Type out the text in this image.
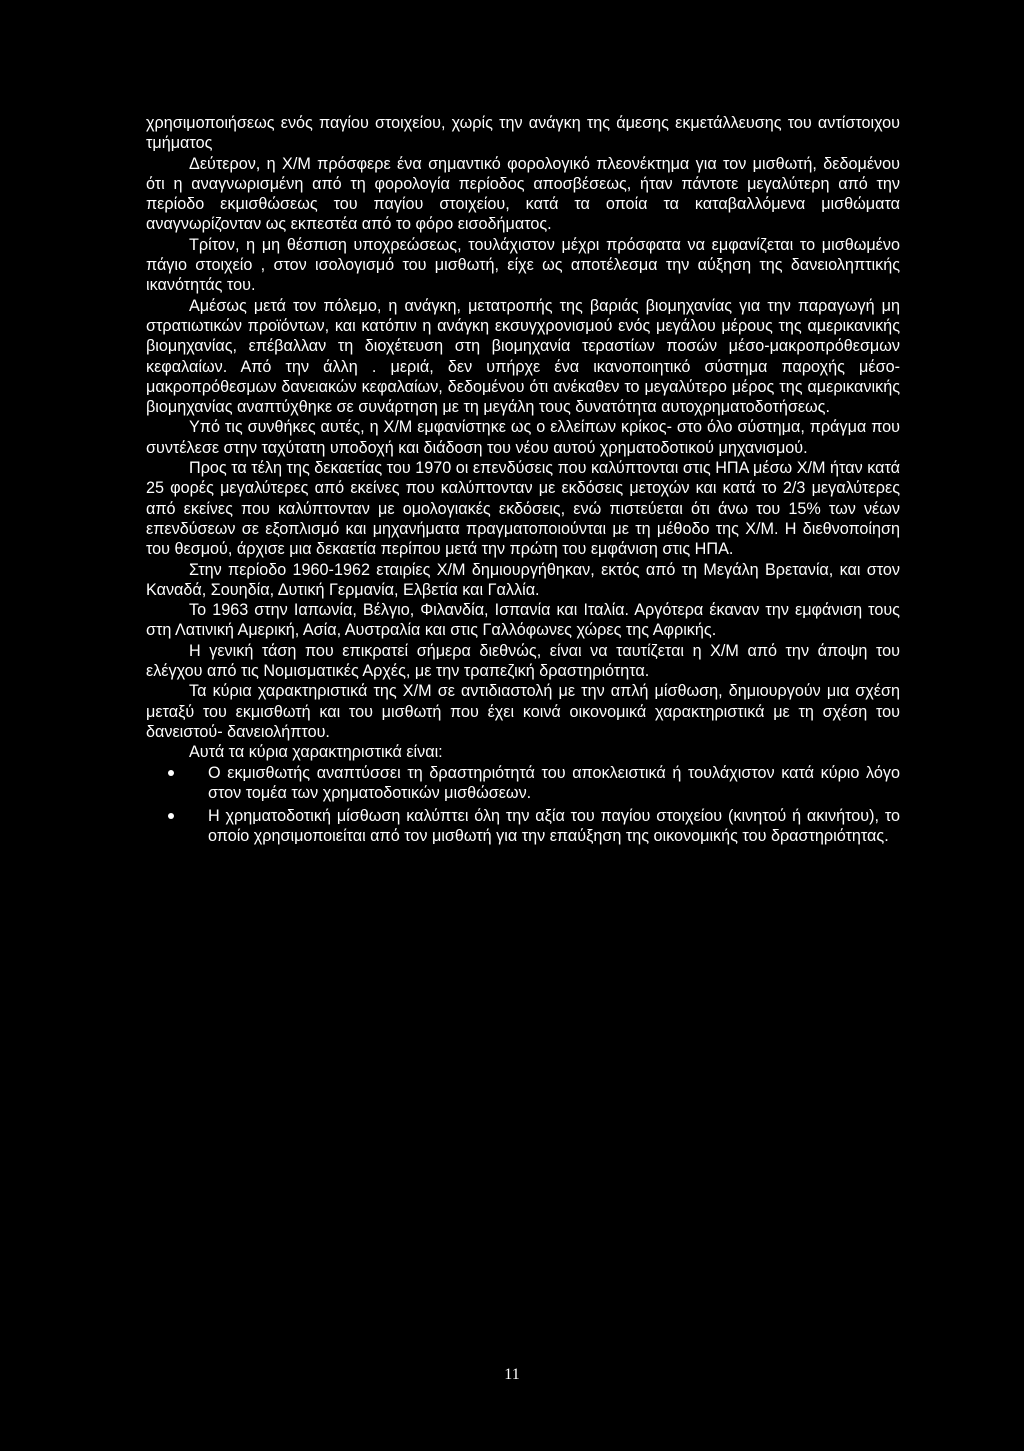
χρησιμοποιήσεως ενός παγίου στοιχείου, χωρίς την ανάγκη της άμεσης εκμετάλλευσης του αντίστοιχου τμήματος

Δεύτερον, η Χ/Μ πρόσφερε ένα σημαντικό φορολογικό πλεονέκτημα για τον μισθωτή, δεδομένου ότι η αναγνωρισμένη από τη φορολογία περίοδος αποσβέσεως, ήταν πάντοτε μεγαλύτερη από την περίοδο εκμισθώσεως του παγίου στοιχείου, κατά τα οποία τα καταβαλλόμενα μισθώματα αναγνωρίζονταν ως εκπεστέα από το φόρο εισοδήματος.

Τρίτον, η μη θέσπιση υποχρεώσεως, τουλάχιστον μέχρι πρόσφατα να εμφανίζεται το μισθωμένο πάγιο στοιχείο , στον ισολογισμό του μισθωτή, είχε ως αποτέλεσμα την αύξηση της δανειοληπτικής ικανότητάς του.

Αμέσως μετά τον πόλεμο, η ανάγκη, μετατροπής της βαριάς βιομηχανίας για την παραγωγή μη στρατιωτικών προϊόντων, και κατόπιν η ανάγκη εκσυγχρονισμού ενός μεγάλου μέρους της αμερικανικής βιομηχανίας, επέβαλλαν τη διοχέτευση στη βιομηχανία τεραστίων ποσών μέσο-μακροπρόθεσμων κεφαλαίων. Από την άλλη . μεριά, δεν υπήρχε ένα ικανοποιητικό σύστημα παροχής μέσο-μακροπρόθεσμων δανειακών κεφαλαίων, δεδομένου ότι ανέκαθεν το μεγαλύτερο μέρος της αμερικανικής βιομηχανίας αναπτύχθηκε σε συνάρτηση με τη μεγάλη τους δυνατότητα αυτοχρηματοδοτήσεως.

Υπό τις συνθήκες αυτές, η Χ/Μ εμφανίστηκε ως ο ελλείπων κρίκος- στο όλο σύστημα, πράγμα που συντέλεσε στην ταχύτατη υποδοχή και διάδοση του νέου αυτού χρηματοδοτικού μηχανισμού.

Προς τα τέλη της δεκαετίας του 1970 οι επενδύσεις που καλύπτονται στις ΗΠΑ μέσω Χ/Μ ήταν κατά 25 φορές μεγαλύτερες από εκείνες που καλύπτονταν με εκδόσεις μετοχών και κατά το 2/3 μεγαλύτερες από εκείνες που καλύπτονταν με ομολογιακές εκδόσεις, ενώ πιστεύεται ότι άνω του 15% των νέων επενδύσεων σε εξοπλισμό και μηχανήματα πραγματοποιούνται με τη μέθοδο της Χ/Μ. Η διεθνοποίηση του θεσμού, άρχισε μια δεκαετία περίπου μετά την πρώτη του εμφάνιση στις ΗΠΑ.

Στην περίοδο 1960-1962 εταιρίες Χ/Μ δημιουργήθηκαν, εκτός από τη Μεγάλη Βρετανία, και στον Καναδά, Σουηδία, Δυτική Γερμανία, Ελβετία και Γαλλία.

Το 1963 στην Ιαπωνία, Βέλγιο, Φιλανδία, Ισπανία και Ιταλία. Αργότερα έκαναν την εμφάνιση τους στη Λατινική Αμερική, Ασία, Αυστραλία και στις Γαλλόφωνες χώρες της Αφρικής.

Η γενική τάση που επικρατεί σήμερα διεθνώς, είναι να ταυτίζεται η Χ/Μ από την άποψη του ελέγχου από τις Νομισματικές Αρχές, με την τραπεζική δραστηριότητα.

Τα κύρια χαρακτηριστικά της Χ/Μ σε αντιδιαστολή με την απλή μίσθωση, δημιουργούν μια σχέση μεταξύ του εκμισθωτή και του μισθωτή που έχει κοινά οικονομικά χαρακτηριστικά με τη σχέση του δανειστού- δανειολήπτου.

Αυτά τα κύρια χαρακτηριστικά είναι:

Ο εκμισθωτής αναπτύσσει τη δραστηριότητά του αποκλειστικά ή τουλάχιστον κατά κύριο λόγο στον τομέα των χρηματοδοτικών μισθώσεων.
Η χρηματοδοτική μίσθωση καλύπτει όλη την αξία του παγίου στοιχείου (κινητού ή ακινήτου), το οποίο χρησιμοποιείται από τον μισθωτή για την επαύξηση της οικονομικής του δραστηριότητας.
11
